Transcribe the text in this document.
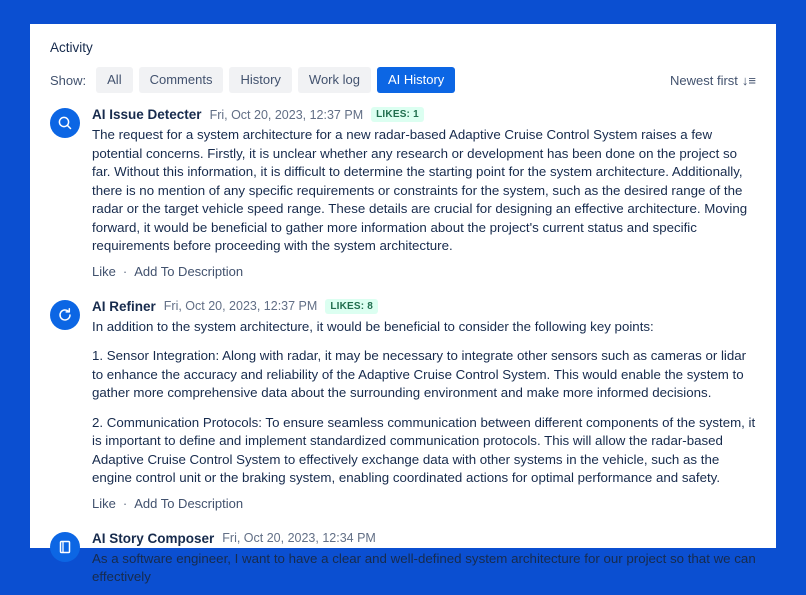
Activity
Show:	All	Comments	History	Work log	AI History	Newest first ↓≡
AI Issue Detecter Fri, Oct 20, 2023, 12:37 PM	LIKES: 1

The request for a system architecture for a new radar-based Adaptive Cruise Control System raises a few potential concerns. Firstly, it is unclear whether any research or development has been done on the project so far. Without this information, it is difficult to determine the starting point for the system architecture. Additionally, there is no mention of any specific requirements or constraints for the system, such as the desired range of the radar or the target vehicle speed range. These details are crucial for designing an effective architecture. Moving forward, it would be beneficial to gather more information about the project's current status and specific requirements before proceeding with the system architecture.

Like · Add To Description
AI Refiner Fri, Oct 20, 2023, 12:37 PM	LIKES: 8

In addition to the system architecture, it would be beneficial to consider the following key points:

1. Sensor Integration: Along with radar, it may be necessary to integrate other sensors such as cameras or lidar to enhance the accuracy and reliability of the Adaptive Cruise Control System. This would enable the system to gather more comprehensive data about the surrounding environment and make more informed decisions.

2. Communication Protocols: To ensure seamless communication between different components of the system, it is important to define and implement standardized communication protocols. This will allow the radar-based Adaptive Cruise Control System to effectively exchange data with other systems in the vehicle, such as the engine control unit or the braking system, enabling coordinated actions for optimal performance and safety.

Like · Add To Description
AI Story Composer Fri, Oct 20, 2023, 12:34 PM

As a software engineer, I want to have a clear and well-defined system architecture for our project so that we can effectively
